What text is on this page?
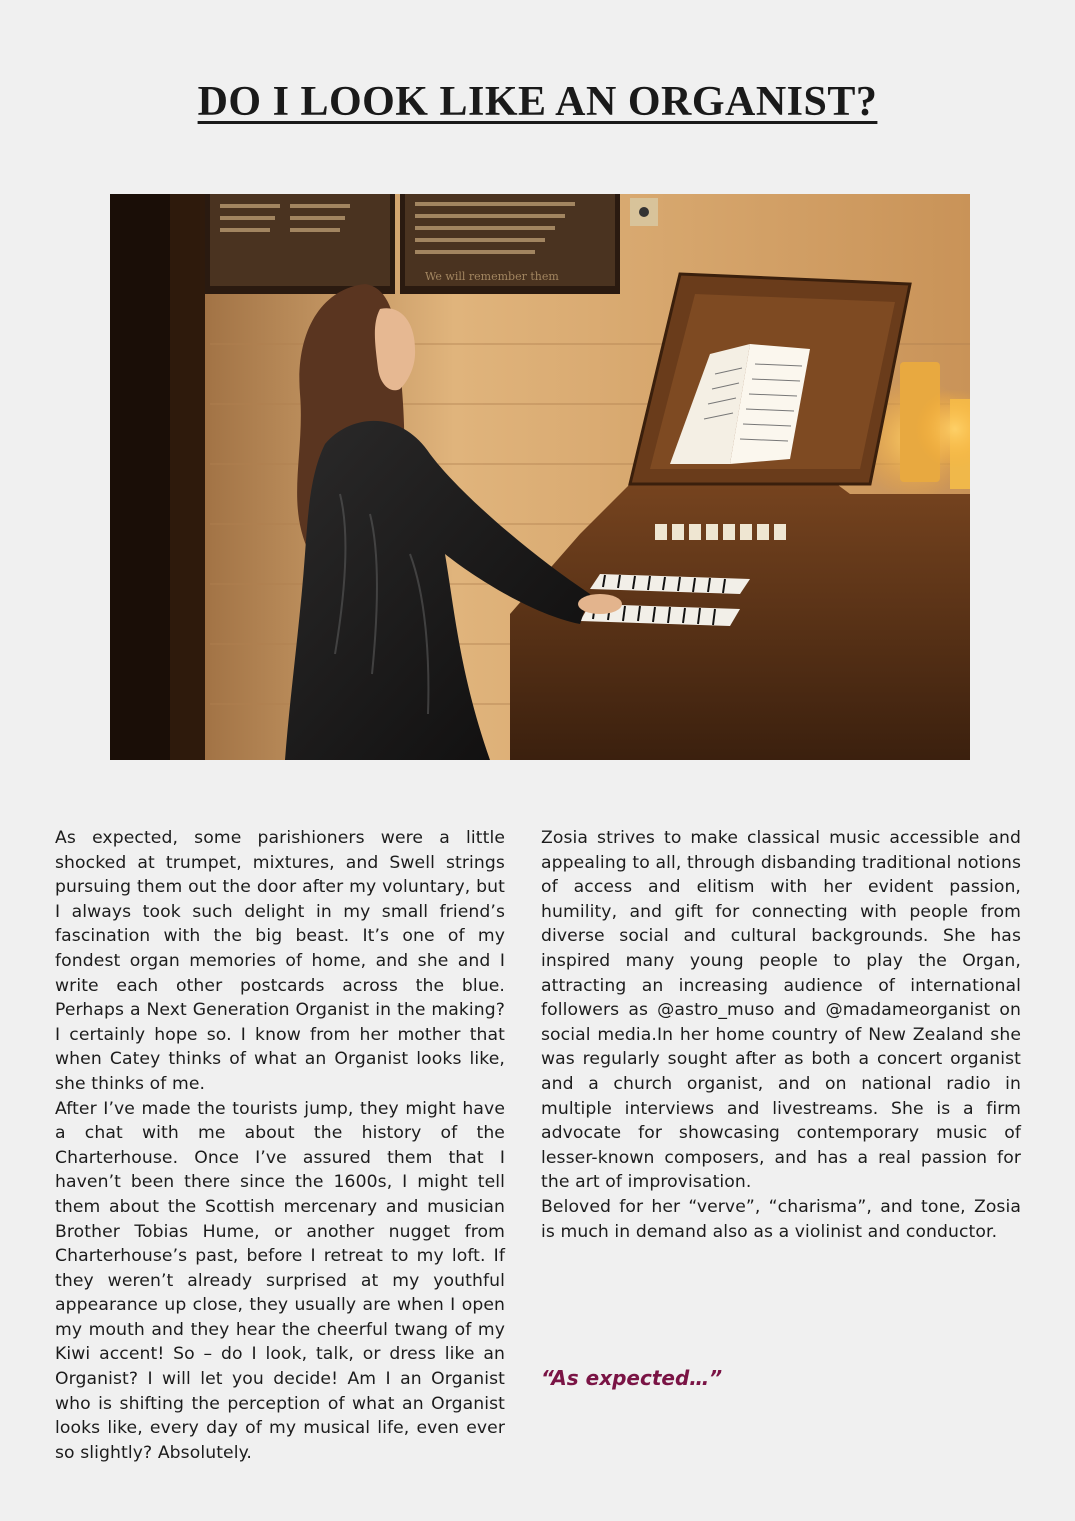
DO I LOOK LIKE AN ORGANIST?
We will remember them

As expected, some parishioners were a little shocked at trumpet, mixtures, and Swell strings pursuing them out the door after my voluntary, but I always took such delight in my small friend’s fascination with the big beast. It’s one of my fondest organ memories of home, and she and I write each other postcards across the blue. Perhaps a Next Generation Organist in the making? I certainly hope so. I know from her mother that when Catey thinks of what an Organist looks like, she thinks of me.

After I’ve made the tourists jump, they might have a chat with me about the history of the Charterhouse. Once I’ve assured them that I haven’t been there since the 1600s, I might tell them about the Scottish mercenary and musician Brother Tobias Hume, or another nugget from Charterhouse’s past, before I retreat to my loft. If they weren’t already surprised at my youthful appearance up close, they usually are when I open my mouth and they hear the cheerful twang of my Kiwi accent! So – do I look, talk, or dress like an Organist? I will let you decide! Am I an Organist who is shifting the perception of what an Organist looks like, every day of my musical life, even ever so slightly? Absolutely.

Zosia strives to make classical music accessible and appealing to all, through disbanding traditional notions of access and elitism with her evident passion, humility, and gift for connecting with people from diverse social and cultural backgrounds. She has inspired many young people to play the Organ, attracting an increasing audience of international followers as @astro_muso and @madameorganist on social media.In her home country of New Zealand she was regularly sought after as both a concert organist and a church organist, and on national radio in multiple interviews and livestreams. She is a firm advocate for showcasing contemporary music of lesser-known composers, and has a real passion for the art of improvisation.

Beloved for her “verve”, “charisma”, and tone, Zosia is much in demand also as a violinist and conductor.

“As expected…”
